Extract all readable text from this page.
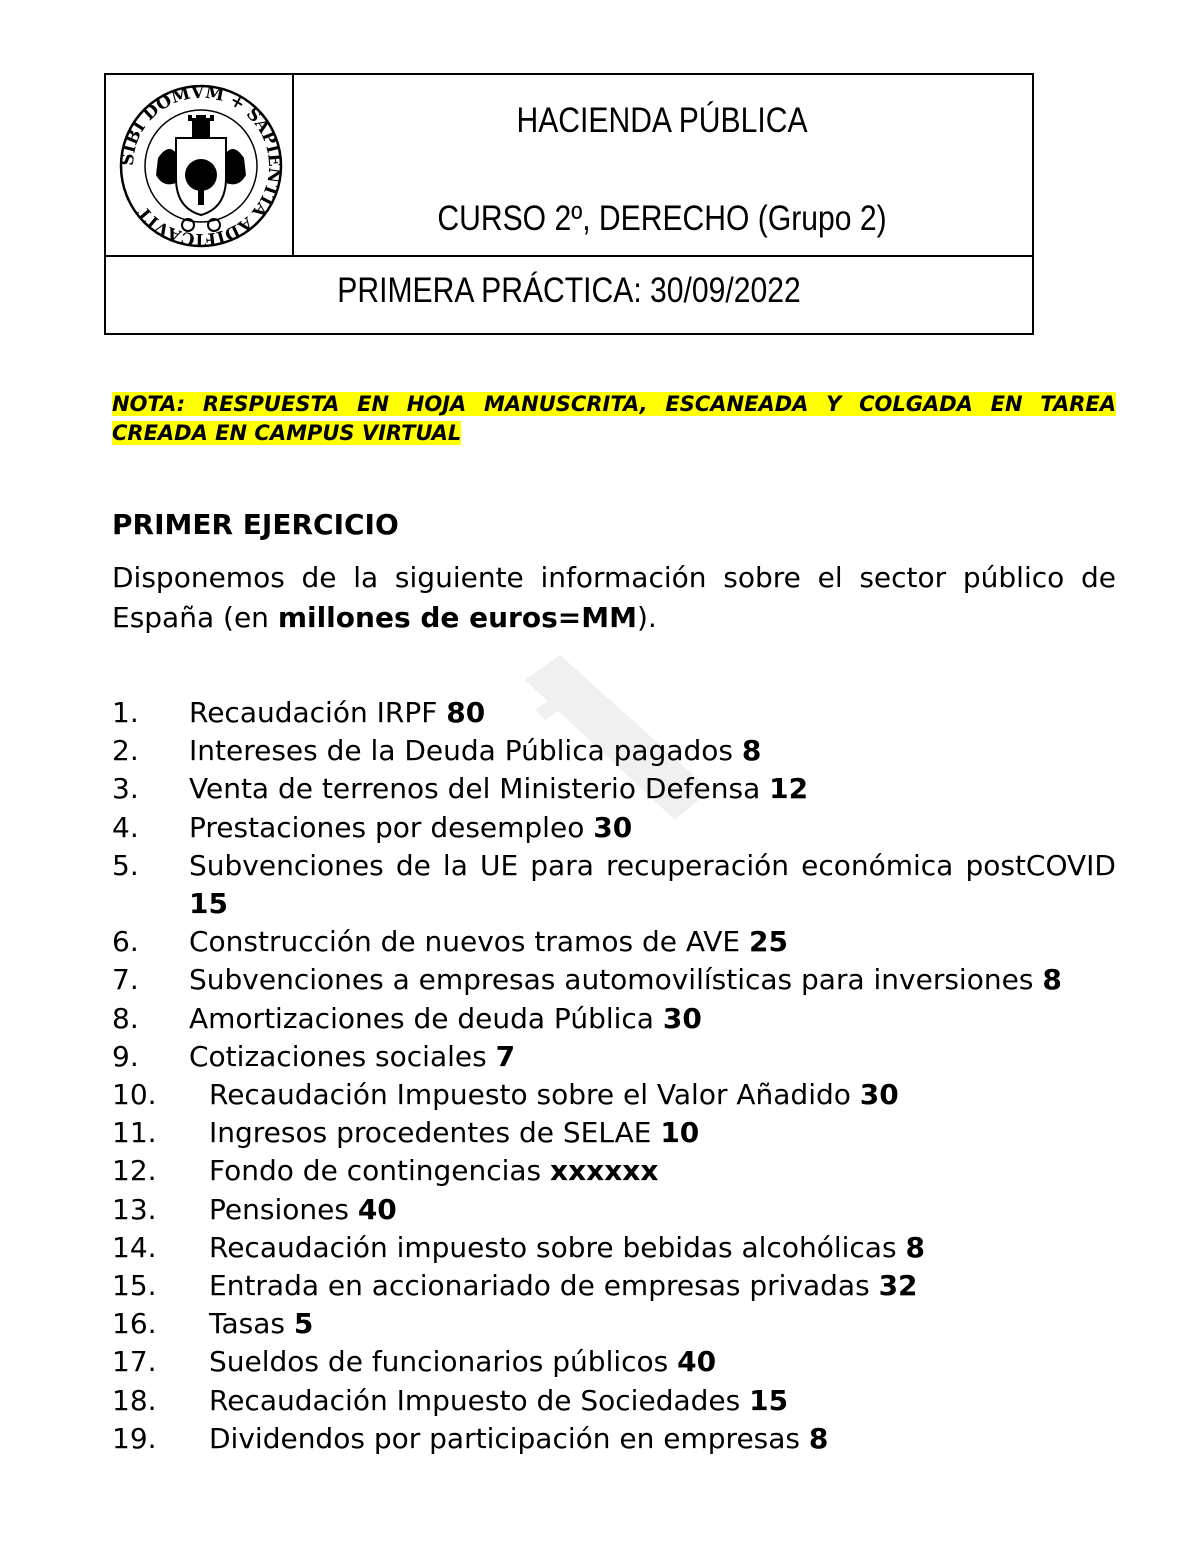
SIBI DOMVM + SAPIENTIA ADIFICAVIT
HACIENDA PÚBLICA
CURSO 2º, DERECHO (Grupo 2)
PRIMERA PRÁCTICA: 30/09/2022
NOTA: RESPUESTA EN HOJA MANUSCRITA, ESCANEADA Y COLGADA EN TAREA CREADA EN CAMPUS VIRTUAL
PRIMER EJERCICIO
Disponemos de la siguiente información sobre el sector público de España (en millones de euros=MM).
1.	Recaudación IRPF 80
2.	Intereses de la Deuda Pública pagados 8
3.	Venta de terrenos del Ministerio Defensa 12
4.	Prestaciones por desempleo 30
5.	Subvenciones de la UE para recuperación económica postCOVID 15
6.	Construcción de nuevos tramos de AVE 25
7.	Subvenciones a empresas automovilísticas para inversiones 8
8.	Amortizaciones de deuda Pública 30
9.	Cotizaciones sociales 7
10.	Recaudación Impuesto sobre el Valor Añadido 30
11.	Ingresos procedentes de SELAE 10
12.	Fondo de contingencias xxxxxx
13.	Pensiones 40
14.	Recaudación impuesto sobre bebidas alcohólicas 8
15.	Entrada en accionariado de empresas privadas 32
16.	Tasas 5
17.	Sueldos de funcionarios públicos 40
18.	Recaudación Impuesto de Sociedades 15
19.	Dividendos por participación en empresas 8
